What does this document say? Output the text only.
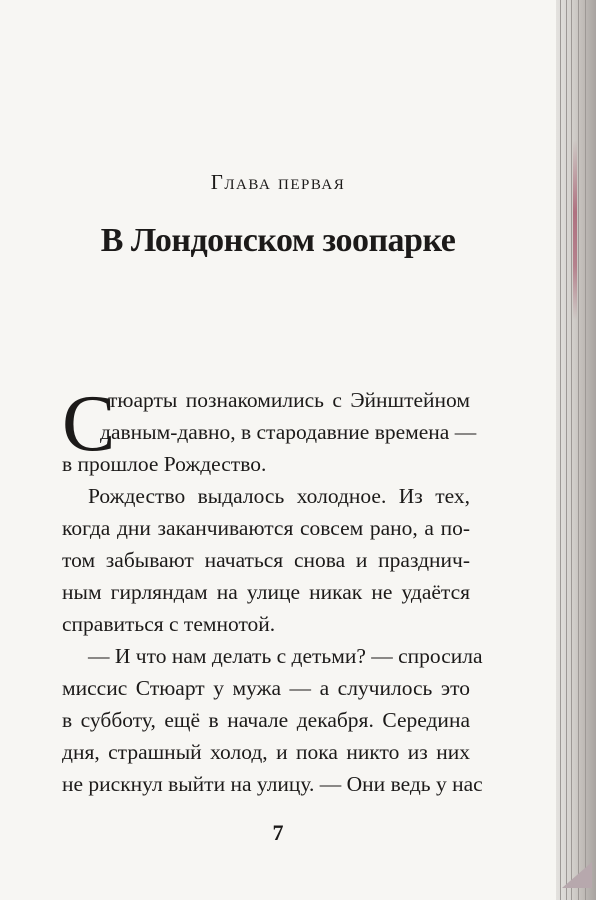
Глава первая
В Лондонском зоопарке
С
тюарты познакомились с Эйнштейном
давным-давно, в стародавние времена —
в прошлое Рождество.
Рождество выдалось холодное. Из тех,
когда дни заканчиваются совсем рано, а по-
том забывают начаться снова и празднич-
ным гирляндам на улице никак не удаётся
справиться с темнотой.
— И что нам делать с детьми? — спросила
миссис Стюарт у мужа — а случилось это
в субботу, ещё в начале декабря. Середина
дня, страшный холод, и пока никто из них
не рискнул выйти на улицу. — Они ведь у нас
7
